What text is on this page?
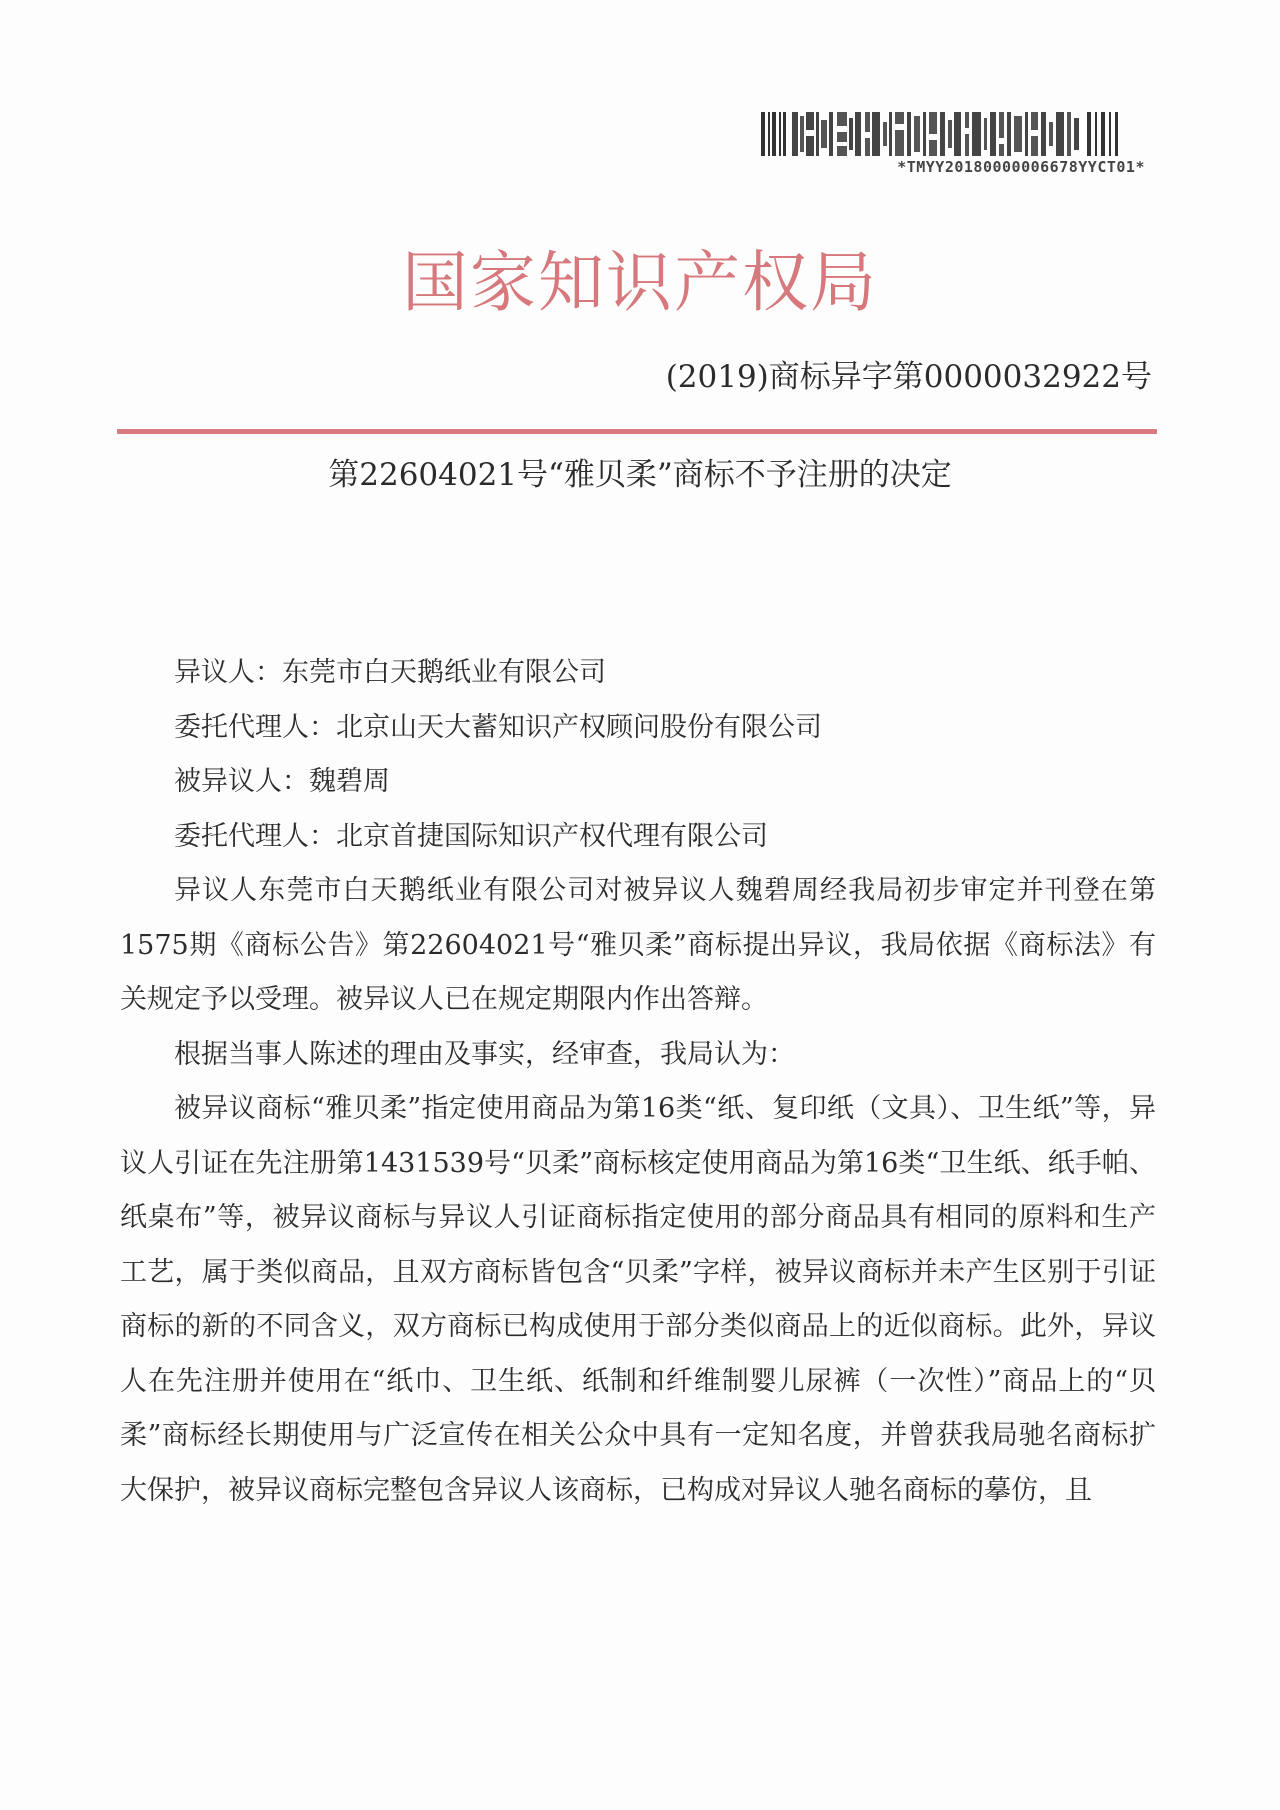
*TMYY20180000006678YYCT01*
国家知识产权局
(2019)商标异字第0000032922号
第22604021号“雅贝柔”商标不予注册的决定
异议人：东莞市白天鹅纸业有限公司
委托代理人：北京山天大蓄知识产权顾问股份有限公司
被异议人：魏碧周
委托代理人：北京首捷国际知识产权代理有限公司

异议人东莞市白天鹅纸业有限公司对被异议人魏碧周经我局初步审定并刊登在第1575期《商标公告》第22604021号“雅贝柔”商标提出异议，我局依据《商标法》有关规定予以受理。被异议人已在规定期限内作出答辩。

根据当事人陈述的理由及事实，经审查，我局认为：

被异议商标“雅贝柔”指定使用商品为第16类“纸、复印纸（文具）、卫生纸”等，异议人引证在先注册第1431539号“贝柔”商标核定使用商品为第16类“卫生纸、纸手帕、纸桌布”等，被异议商标与异议人引证商标指定使用的部分商品具有相同的原料和生产工艺，属于类似商品，且双方商标皆包含“贝柔”字样，被异议商标并未产生区别于引证商标的新的不同含义，双方商标已构成使用于部分类似商品上的近似商标。此外，异议人在先注册并使用在“纸巾、卫生纸、纸制和纤维制婴儿尿裤（一次性）”商品上的“贝柔”商标经长期使用与广泛宣传在相关公众中具有一定知名度，并曾获我局驰名商标扩大保护，被异议商标完整包含异议人该商标，已构成对异议人驰名商标的摹仿，且
